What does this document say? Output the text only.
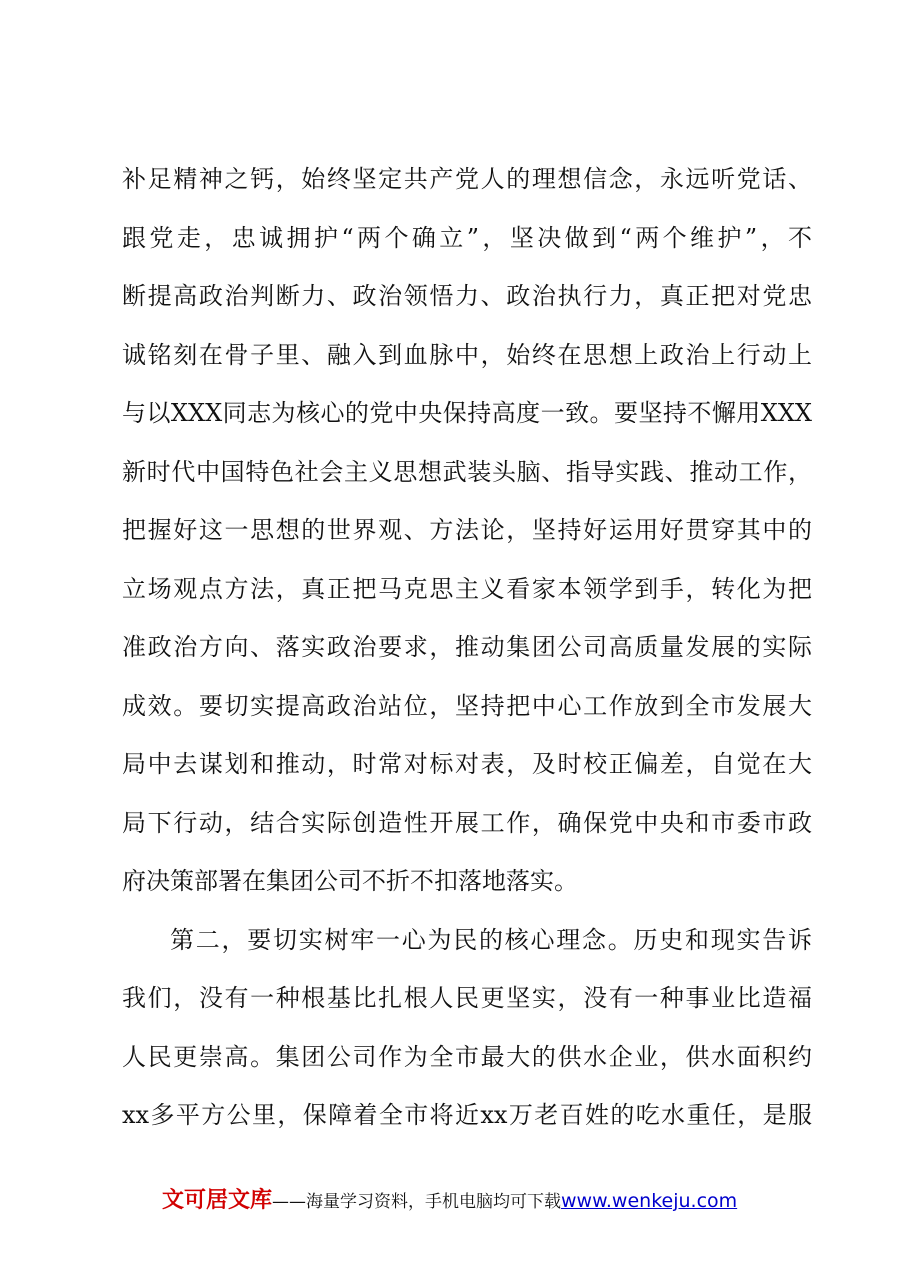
补足精神之钙，始终坚定共产党人的理想信念，永远听党话、
跟党走，忠诚拥护“两个确立”，坚决做到“两个维护”，不
断提高政治判断力、政治领悟力、政治执行力，真正把对党忠
诚铭刻在骨子里、融入到血脉中，始终在思想上政治上行动上
与以XXX同志为核心的党中央保持高度一致。要坚持不懈用XXX
新时代中国特色社会主义思想武装头脑、指导实践、推动工作，
把握好这一思想的世界观、方法论，坚持好运用好贯穿其中的
立场观点方法，真正把马克思主义看家本领学到手，转化为把
准政治方向、落实政治要求，推动集团公司高质量发展的实际
成效。要切实提高政治站位，坚持把中心工作放到全市发展大
局中去谋划和推动，时常对标对表，及时校正偏差，自觉在大
局下行动，结合实际创造性开展工作，确保党中央和市委市政
府决策部署在集团公司不折不扣落地落实。
第二，要切实树牢一心为民的核心理念。历史和现实告诉
我们，没有一种根基比扎根人民更坚实，没有一种事业比造福
人民更崇高。集团公司作为全市最大的供水企业，供水面积约
xx多平方公里，保障着全市将近xx万老百姓的吃水重任，是服
文可居文库——海量学习资料，手机电脑均可下载www.wenkeju.com
